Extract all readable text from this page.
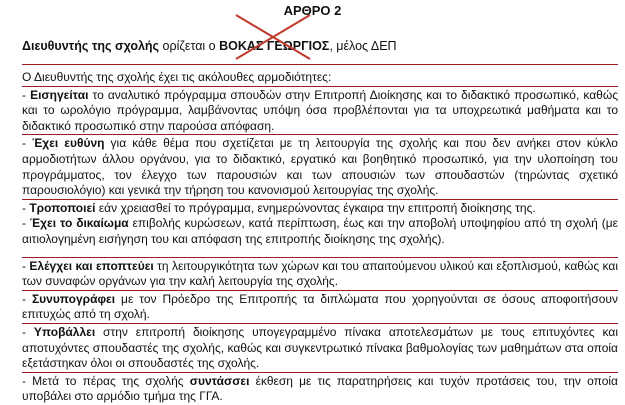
ΑΡΘΡΟ 2
Διευθυντής της σχολής ορίζεται ο ΒΟΚΑΣ ΓΕΩΡΓΙΟΣ, μέλος ΔΕΠ

Ο Διευθυντής της σχολής έχει τις ακόλουθες αρμοδιότητες:

- Εισηγείται το αναλυτικό πρόγραμμα σπουδών στην Επιτροπή Διοίκησης και το διδακτικό προσωπικό, καθώς και το ωρολόγιο πρόγραμμα, λαμβάνοντας υπόψη όσα προβλέπονται για τα υποχρεωτικά μαθήματα και το διδακτικό προσωπικό στην παρούσα απόφαση.

- Έχει ευθύνη για κάθε θέμα που σχετίζεται με τη λειτουργία της σχολής και που δεν ανήκει στον κύκλο αρμοδιοτήτων άλλου οργάνου, για το διδακτικό, εργατικό και βοηθητικό προσωπικό, για την υλοποίηση του προγράμματος, τον έλεγχο των παρουσιών και των απουσιών των σπουδαστών (τηρώντας σχετικό παρουσιολόγιο) και γενικά την τήρηση του κανονισμού λειτουργίας της σχολής.

- Τροποποιεί εάν χρειασθεί το πρόγραμμα, ενημερώνοντας έγκαιρα την επιτροπή διοίκησης της.

- Έχει το δικαίωμα επιβολής κυρώσεων, κατά περίπτωση, έως και την αποβολή υποψηφίου από τη σχολή (με αιτιολογημένη εισήγηση του και απόφαση της επιτροπής διοίκησης της σχολής).

- Ελέγχει και εποπτεύει τη λειτουργικότητα των χώρων και του απαιτούμενου υλικού και εξοπλισμού, καθώς και των συναφών οργάνων για την καλή λειτουργία της σχολής.

- Συνυπογράφει με τον Πρόεδρο της Επιτροπής τα διπλώματα που χορηγούνται σε όσους αποφοιτήσουν επιτυχώς από τη σχολή.

- Υποβάλλει στην επιτροπή διοίκησης υπογεγραμμένο πίνακα αποτελεσμάτων με τους επιτυχόντες και αποτυχόντες σπουδαστές της σχολής, καθώς και συγκεντρωτικό πίνακα βαθμολογίας των μαθημάτων στα οποία εξετάστηκαν όλοι οι σπουδαστές της σχολής.

- Μετά το πέρας της σχολής συντάσσει έκθεση με τις παρατηρήσεις και τυχόν προτάσεις του, την οποία υποβάλει στο αρμόδιο τμήμα της ΓΓΑ.
